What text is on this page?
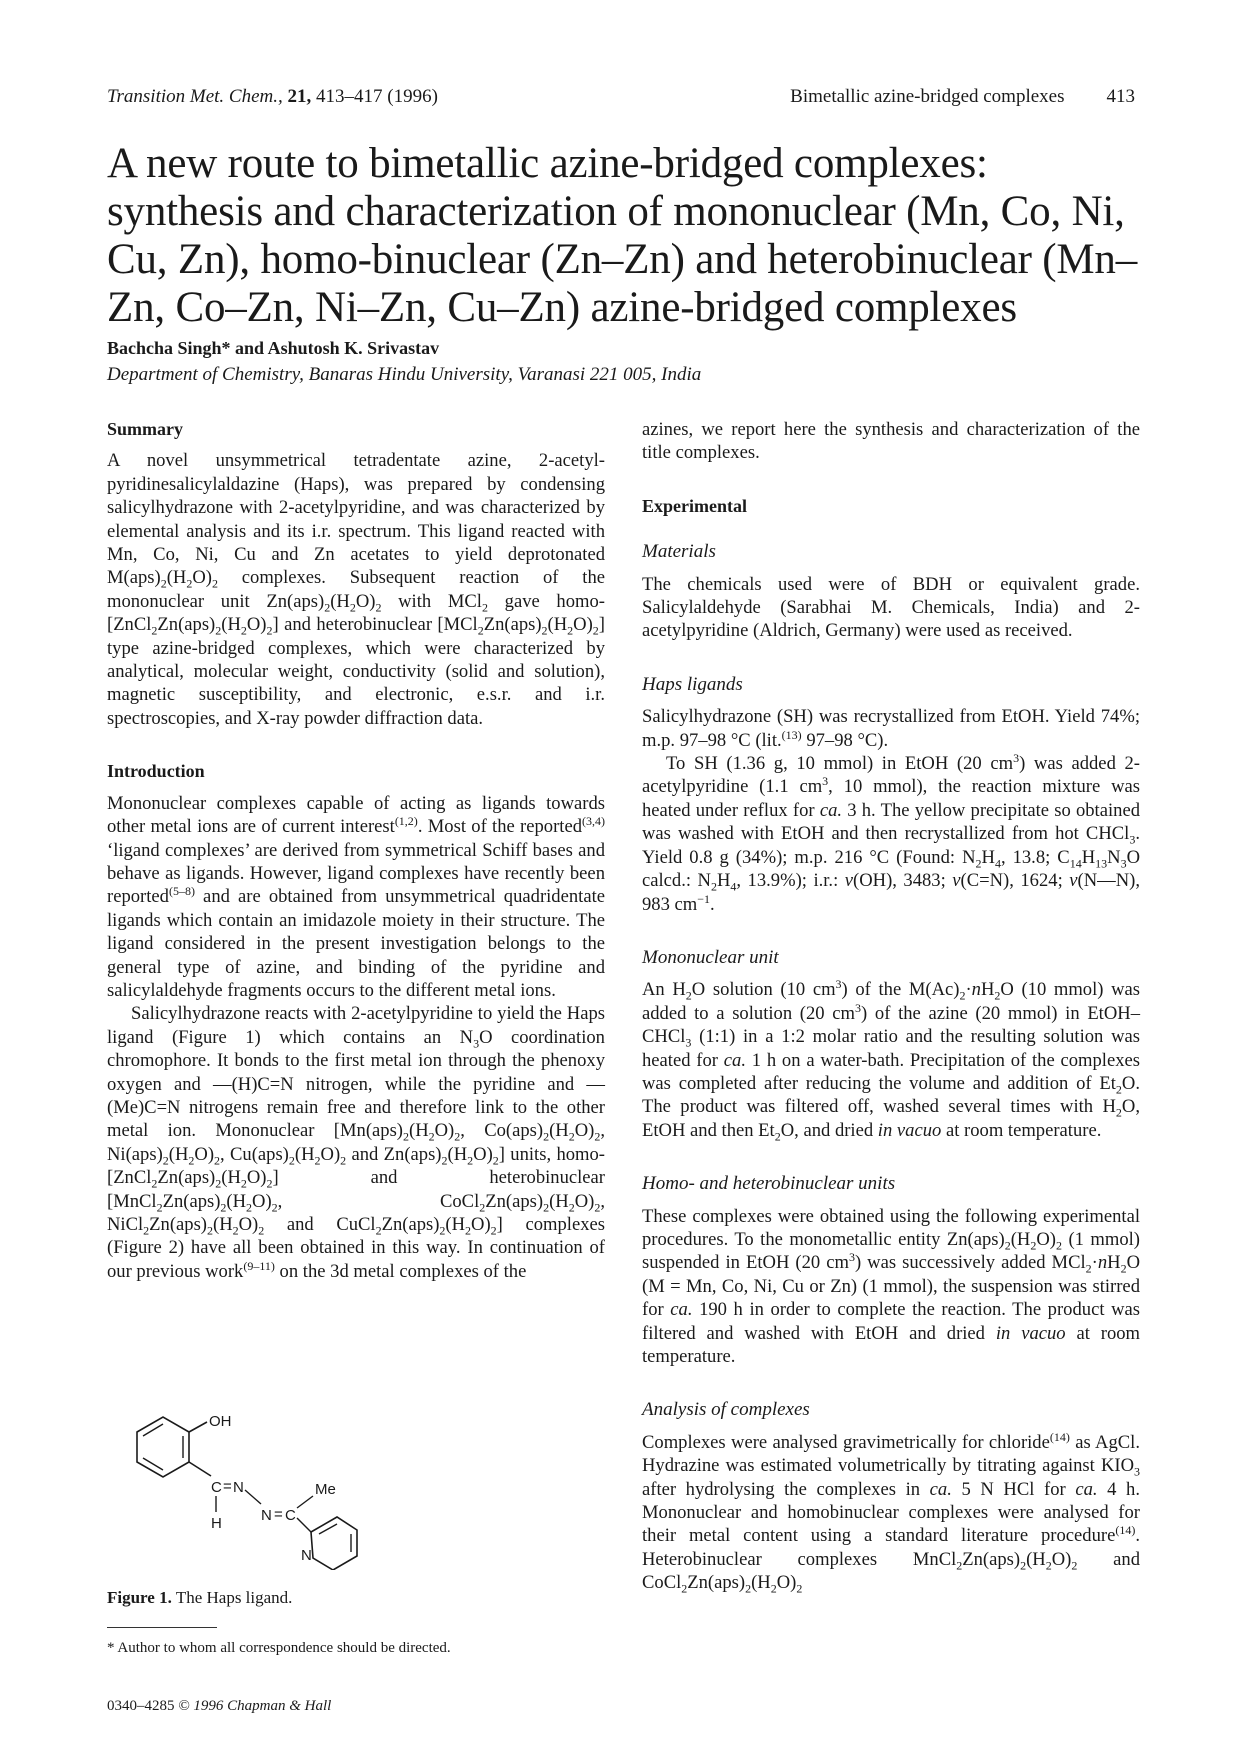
Transition Met. Chem., 21, 413–417 (1996)	Bimetallic azine-bridged complexes 413
A new route to bimetallic azine-bridged complexes: synthesis and characterization of mononuclear (Mn, Co, Ni, Cu, Zn), homo-binuclear (Zn–Zn) and heterobinuclear (Mn–Zn, Co–Zn, Ni–Zn, Cu–Zn) azine-bridged complexes
Bachcha Singh* and Ashutosh K. Srivastav
Department of Chemistry, Banaras Hindu University, Varanasi 221 005, India
Summary

A novel unsymmetrical tetradentate azine, 2-acetyl-pyridinesalicylaldazine (Haps), was prepared by condensing salicylhydrazone with 2-acetylpyridine, and was characterized by elemental analysis and its i.r. spectrum. This ligand reacted with Mn, Co, Ni, Cu and Zn acetates to yield deprotonated $M(aps)_2(H_2O)_2$ complexes. Subsequent reaction of the mononuclear unit $Zn(aps)_2(H_2O)_2$ with MCl$_2$ gave homo- $[ZnCl_2Zn(aps)_2(H_2O)_2]$ and heterobinuclear $[MCl_2Zn(aps)_2(H_2O)_2]$ type azine-bridged complexes, which were characterized by analytical, molecular weight, conductivity (solid and solution), magnetic susceptibility, and electronic, e.s.r. and i.r. spectroscopies, and X-ray powder diffraction data.

Introduction

Mononuclear complexes capable of acting as ligands towards other metal ions are of current interest$^{(1,2)}$. Most of the reported$^{(3,4)}$ ‘ligand complexes’ are derived from symmetrical Schiff bases and behave as ligands. However, ligand complexes have recently been reported$^{(5-8)}$ and are obtained from unsymmetrical quadridentate ligands which contain an imidazole moiety in their structure. The ligand considered in the present investigation belongs to the general type of azine, and binding of the pyridine and salicylaldehyde fragments occurs to the different metal ions.

Salicylhydrazone reacts with 2-acetylpyridine to yield the Haps ligand (Figure 1) which contains an $N_3O$ coordination chromophore. It bonds to the first metal ion through the phenoxy oxygen and —(H)C=N nitrogen, while the pyridine and —(Me)C=N nitrogens remain free and therefore link to the other metal ion. Mononuclear [$Mn(aps)_2(H_2O)_2$, $Co(aps)_2(H_2O)_2$, $Ni(aps)_2(H_2O)_2$, $Cu(aps)_2(H_2O)_2$ and $Zn(aps)_2(H_2O)_2$] units, homo- $[ZnCl_2Zn(aps)_2(H_2O)_2]$ and heterobinuclear [$MnCl_2Zn(aps)_2(H_2O)_2$, $CoCl_2Zn(aps)_2(H_2O)_2$, $NiCl_2Zn(aps)_2(H_2O)_2$ and $CuCl_2Zn(aps)_2(H_2O)_2$] complexes (Figure 2) have all been obtained in this way. In continuation of our previous work$^{(9-11)}$ on the 3d metal complexes of the

OH
C = N
H	N = C
Me
N
Figure 1. The Haps ligand.
* Author to whom all correspondence should be directed.
0340–4285 © 1996 Chapman & Hall

azines, we report here the synthesis and characterization of the title complexes.

Experimental
Materials

The chemicals used were of BDH or equivalent grade. Salicylaldehyde (Sarabhai M. Chemicals, India) and 2-acetylpyridine (Aldrich, Germany) were used as received.

Haps ligands

Salicylhydrazone (SH) was recrystallized from EtOH. Yield 74%; m.p. 97–98 °C (lit.$^{(13)}$ 97–98 °C).

To SH (1.36 g, 10 mmol) in EtOH (20 $cm^3$) was added 2-acetylpyridine (1.1 $cm^3$, 10 mmol), the reaction mixture was heated under reflux for ca. 3 h. The yellow precipitate so obtained was washed with EtOH and then recrystallized from hot CHCl$_3$. Yield 0.8 g (34%); m.p. 216 °C (Found: $N_2H_4$, 13.8; $C_{14}H_{13}N_3O$ calcd.: $N_2H_4$, 13.9%); i.r.: v(OH), 3483; v(C=N), 1624; v(N—N), 983 $cm^{-1}$.

Mononuclear unit

An $H_2O$ solution (10 $cm^3$) of the $M(Ac)_2\cdot nH_2O$ (10 mmol) was added to a solution (20 $cm^3$) of the azine (20 mmol) in EtOH–CHCl$_3$ (1:1) in a 1:2 molar ratio and the resulting solution was heated for ca. 1 h on a water-bath. Precipitation of the complexes was completed after reducing the volume and addition of $Et_2O$. The product was filtered off, washed several times with $H_2O$, EtOH and then $Et_2O$, and dried in vacuo at room temperature.

Homo- and heterobinuclear units

These complexes were obtained using the following experimental procedures. To the monometallic entity $Zn(aps)_2(H_2O)_2$ (1 mmol) suspended in EtOH (20 $cm^3$) was successively added $MCl_2\cdot nH_2O$ (M = Mn, Co, Ni, Cu or Zn) (1 mmol), the suspension was stirred for ca. 190 h in order to complete the reaction. The product was filtered and washed with EtOH and dried in vacuo at room temperature.

Analysis of complexes

Complexes were analysed gravimetrically for chloride$^{(14)}$ as AgCl. Hydrazine was estimated volumetrically by titrating against $KIO_3$ after hydrolysing the complexes in ca. 5 N HCl for ca. 4 h. Mononuclear and homobinuclear complexes were analysed for their metal content using a standard literature procedure$^{(14)}$. Heterobinuclear complexes $MnCl_2Zn(aps)_2(H_2O)_2$ and $CoCl_2Zn(aps)_2(H_2O)_2$
